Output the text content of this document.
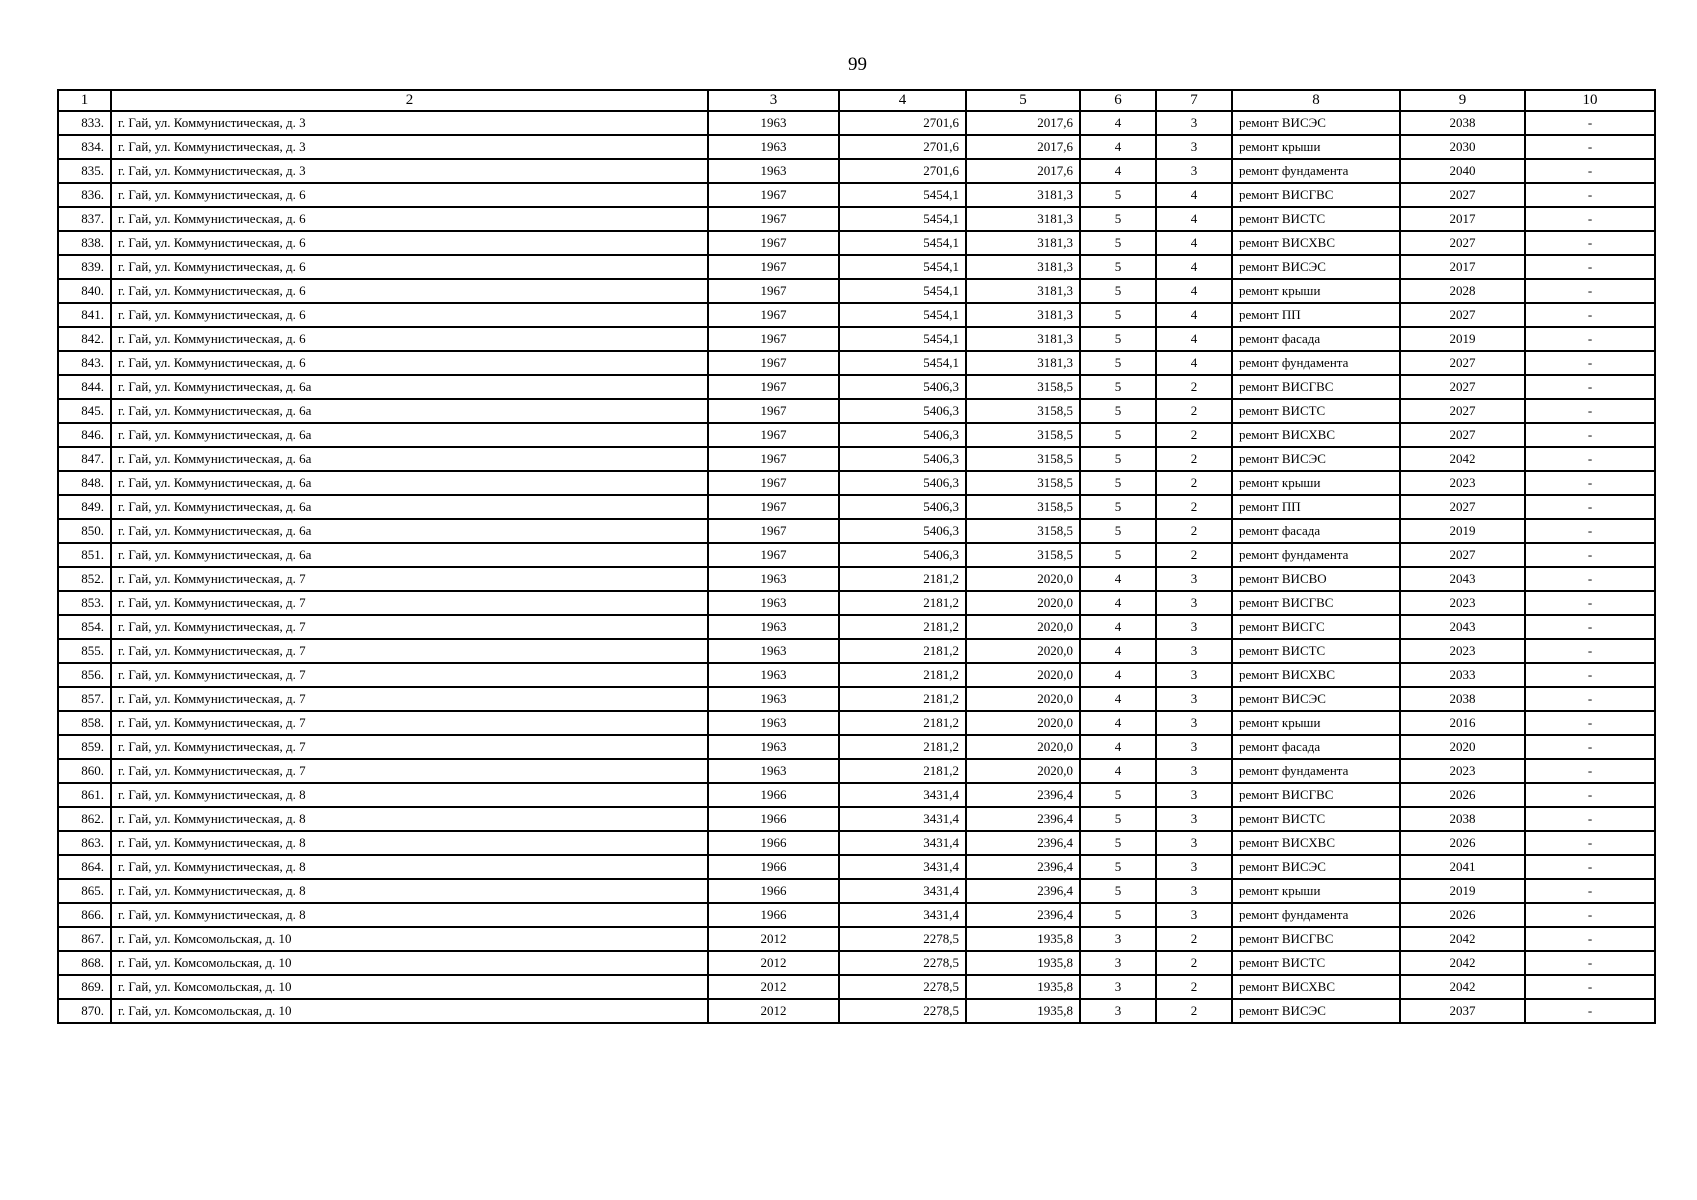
99
1	2	3	4	5	6	7	8	9	10
833.	г. Гай, ул. Коммунистическая, д. 3	1963	2701,6	2017,6	4	3	ремонт ВИСЭС	2038	-
834.	г. Гай, ул. Коммунистическая, д. 3	1963	2701,6	2017,6	4	3	ремонт крыши	2030	-
835.	г. Гай, ул. Коммунистическая, д. 3	1963	2701,6	2017,6	4	3	ремонт фундамента	2040	-
836.	г. Гай, ул. Коммунистическая, д. 6	1967	5454,1	3181,3	5	4	ремонт ВИСГВС	2027	-
837.	г. Гай, ул. Коммунистическая, д. 6	1967	5454,1	3181,3	5	4	ремонт ВИСТС	2017	-
838.	г. Гай, ул. Коммунистическая, д. 6	1967	5454,1	3181,3	5	4	ремонт ВИСХВС	2027	-
839.	г. Гай, ул. Коммунистическая, д. 6	1967	5454,1	3181,3	5	4	ремонт ВИСЭС	2017	-
840.	г. Гай, ул. Коммунистическая, д. 6	1967	5454,1	3181,3	5	4	ремонт крыши	2028	-
841.	г. Гай, ул. Коммунистическая, д. 6	1967	5454,1	3181,3	5	4	ремонт ПП	2027	-
842.	г. Гай, ул. Коммунистическая, д. 6	1967	5454,1	3181,3	5	4	ремонт фасада	2019	-
843.	г. Гай, ул. Коммунистическая, д. 6	1967	5454,1	3181,3	5	4	ремонт фундамента	2027	-
844.	г. Гай, ул. Коммунистическая, д. 6а	1967	5406,3	3158,5	5	2	ремонт ВИСГВС	2027	-
845.	г. Гай, ул. Коммунистическая, д. 6а	1967	5406,3	3158,5	5	2	ремонт ВИСТС	2027	-
846.	г. Гай, ул. Коммунистическая, д. 6а	1967	5406,3	3158,5	5	2	ремонт ВИСХВС	2027	-
847.	г. Гай, ул. Коммунистическая, д. 6а	1967	5406,3	3158,5	5	2	ремонт ВИСЭС	2042	-
848.	г. Гай, ул. Коммунистическая, д. 6а	1967	5406,3	3158,5	5	2	ремонт крыши	2023	-
849.	г. Гай, ул. Коммунистическая, д. 6а	1967	5406,3	3158,5	5	2	ремонт ПП	2027	-
850.	г. Гай, ул. Коммунистическая, д. 6а	1967	5406,3	3158,5	5	2	ремонт фасада	2019	-
851.	г. Гай, ул. Коммунистическая, д. 6а	1967	5406,3	3158,5	5	2	ремонт фундамента	2027	-
852.	г. Гай, ул. Коммунистическая, д. 7	1963	2181,2	2020,0	4	3	ремонт ВИСВО	2043	-
853.	г. Гай, ул. Коммунистическая, д. 7	1963	2181,2	2020,0	4	3	ремонт ВИСГВС	2023	-
854.	г. Гай, ул. Коммунистическая, д. 7	1963	2181,2	2020,0	4	3	ремонт ВИСГС	2043	-
855.	г. Гай, ул. Коммунистическая, д. 7	1963	2181,2	2020,0	4	3	ремонт ВИСТС	2023	-
856.	г. Гай, ул. Коммунистическая, д. 7	1963	2181,2	2020,0	4	3	ремонт ВИСХВС	2033	-
857.	г. Гай, ул. Коммунистическая, д. 7	1963	2181,2	2020,0	4	3	ремонт ВИСЭС	2038	-
858.	г. Гай, ул. Коммунистическая, д. 7	1963	2181,2	2020,0	4	3	ремонт крыши	2016	-
859.	г. Гай, ул. Коммунистическая, д. 7	1963	2181,2	2020,0	4	3	ремонт фасада	2020	-
860.	г. Гай, ул. Коммунистическая, д. 7	1963	2181,2	2020,0	4	3	ремонт фундамента	2023	-
861.	г. Гай, ул. Коммунистическая, д. 8	1966	3431,4	2396,4	5	3	ремонт ВИСГВС	2026	-
862.	г. Гай, ул. Коммунистическая, д. 8	1966	3431,4	2396,4	5	3	ремонт ВИСТС	2038	-
863.	г. Гай, ул. Коммунистическая, д. 8	1966	3431,4	2396,4	5	3	ремонт ВИСХВС	2026	-
864.	г. Гай, ул. Коммунистическая, д. 8	1966	3431,4	2396,4	5	3	ремонт ВИСЭС	2041	-
865.	г. Гай, ул. Коммунистическая, д. 8	1966	3431,4	2396,4	5	3	ремонт крыши	2019	-
866.	г. Гай, ул. Коммунистическая, д. 8	1966	3431,4	2396,4	5	3	ремонт фундамента	2026	-
867.	г. Гай, ул. Комсомольская, д. 10	2012	2278,5	1935,8	3	2	ремонт ВИСГВС	2042	-
868.	г. Гай, ул. Комсомольская, д. 10	2012	2278,5	1935,8	3	2	ремонт ВИСТС	2042	-
869.	г. Гай, ул. Комсомольская, д. 10	2012	2278,5	1935,8	3	2	ремонт ВИСХВС	2042	-
870.	г. Гай, ул. Комсомольская, д. 10	2012	2278,5	1935,8	3	2	ремонт ВИСЭС	2037	-
